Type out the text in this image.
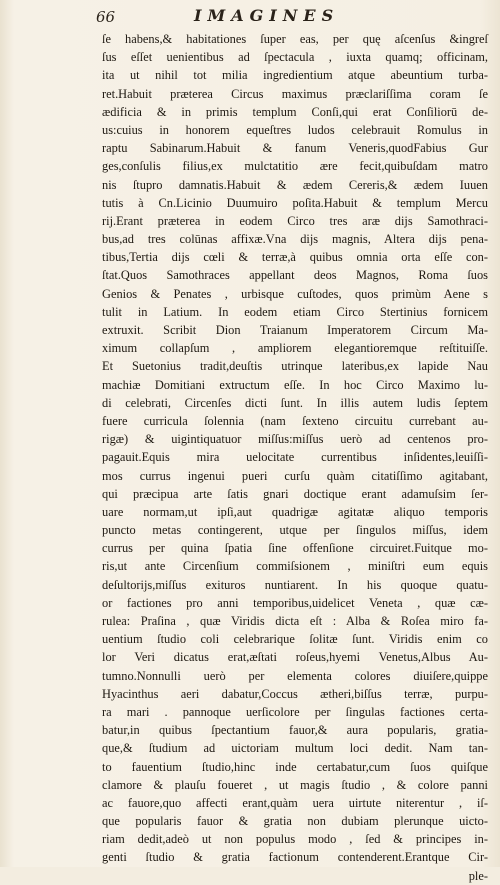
66	IMAGINES
ſe habens,& habitationes ſuper eas, per quę aſcenſus &ingreſ
ſus eſſet uenientibus ad ſpectacula , iuxta quamq; officinam,
ita ut nihil tot milia ingredientium atque abeuntium turba-
ret.Habuit præterea Circus maximus præclariſſima coram ſe
ædificia & in primis templum Conſi,qui erat Conſiliorū de-
us:cuius in honorem equeſtres ludos celebrauit Romulus in
raptu Sabinarum.Habuit & fanum Veneris,quodFabius Gur
ges,conſulis filius,ex mulctatitio ære fecit,quibuſdam matro
nis ſtupro damnatis.Habuit & ædem Cereris,& ædem Iuuen
tutis à Cn.Licinio Duumuiro poſita.Habuit & templum Mercu
rij.Erant præterea in eodem Circo tres aræ dijs Samothraci-
bus,ad tres colūnas affixæ.Vna dijs magnis, Altera dijs pena-
tibus,Tertia dijs cœli & terræ,à quibus omnia orta eſſe con-
ſtat.Quos Samothraces appellant deos Magnos, Roma ſuos
Genios & Penates , urbisque cuſtodes, quos primùm Aene s
tulit in Latium. In eodem etiam Circo Stertinius fornicem
extruxit. Scribit Dion Traianum Imperatorem Circum Ma-
ximum collapſum , ampliorem elegantioremque reſtituiſſe.
Et Suetonius tradit,deuſtis utrinque lateribus,ex lapide Nau
machiæ Domitiani extructum eſſe. In hoc Circo Maximo lu-
di celebrati, Circenſes dicti ſunt. In illis autem ludis ſeptem
fuere curricula ſolennia (nam ſexteno circuitu currebant au-
rigæ) & uigintiquatuor miſſus:miſſus uerò ad centenos pro-
pagauit.Equis mira uelocitate currentibus inſidentes,leuiſſi-
mos currus ingenui pueri curſu quàm citatiſſimo agitabant,
qui præcipua arte ſatis gnari doctique erant adamuſsim ſer-
uare normam,ut ipſi,aut quadrigæ agitatæ aliquo temporis
puncto metas contingerent, utque per ſingulos miſſus, idem
currus per quina ſpatia ſine offenſione circuiret.Fuitque mo-
ris,ut ante Circenſium commiſsionem , miniſtri eum equis
deſultorijs,miſſus exituros nuntiarent. In his quoque quatu-
or factiones pro anni temporibus,uidelicet Veneta , quæ cæ-
rulea: Praſina , quæ Viridis dicta eſt : Alba & Roſea miro fa-
uentium ſtudio coli celebrarique ſolitæ ſunt. Viridis enim co
lor Veri dicatus erat,æſtati roſeus,hyemi Venetus,Albus Au-
tumno.Nonnulli uerò per elementa colores diuiſere,quippe
Hyacinthus aeri dabatur,Coccus ætheri,biſſus terræ, purpu-
ra mari . pannoque uerſicolore per ſingulas factiones certa-
batur,in quibus ſpectantium fauor,& aura popularis, gratia-
que,& ſtudium ad uictoriam multum loci dedit. Nam tan-
to fauentium ſtudio,hinc inde certabatur,cum ſuos quiſque
clamore & plauſu foueret , ut magis ſtudio , & colore panni
ac fauore,quo affecti erant,quàm uera uirtute niterentur , iſ-
que popularis fauor & gratia non dubiam plerunque uicto-
riam dedit,adeò ut non populus modo , ſed & principes in-
genti ſtudio & gratia factionum contenderent.Erantque Cir-
ple-
